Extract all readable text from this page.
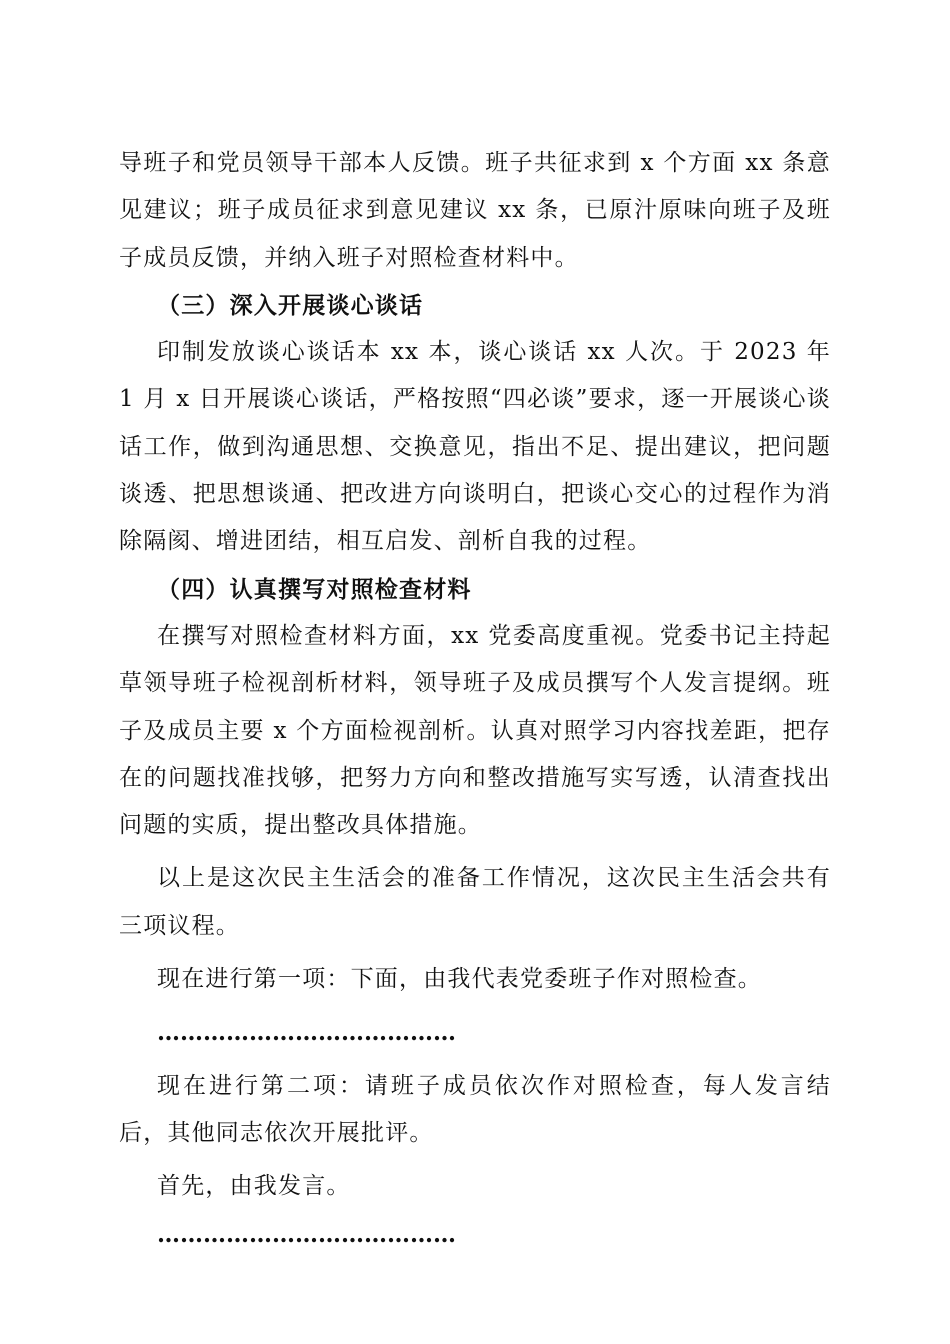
导班子和党员领导干部本人反馈。班子共征求到 x 个方面 xx 条意见建议；班子成员征求到意见建议 xx 条，已原汁原味向班子及班子成员反馈，并纳入班子对照检查材料中。

（三）深入开展谈心谈话

印制发放谈心谈话本 xx 本，谈心谈话 xx 人次。于 2023 年 1 月 x 日开展谈心谈话，严格按照“四必谈”要求，逐一开展谈心谈话工作，做到沟通思想、交换意见，指出不足、提出建议，把问题谈透、把思想谈通、把改进方向谈明白，把谈心交心的过程作为消除隔阂、增进团结，相互启发、剖析自我的过程。

（四）认真撰写对照检查材料

在撰写对照检查材料方面，xx 党委高度重视。党委书记主持起草领导班子检视剖析材料，领导班子及成员撰写个人发言提纲。班子及成员主要 x 个方面检视剖析。认真对照学习内容找差距，把存在的问题找准找够，把努力方向和整改措施写实写透，认清查找出问题的实质，提出整改具体措施。

以上是这次民主生活会的准备工作情况，这次民主生活会共有三项议程。

现在进行第一项：下面，由我代表党委班子作对照检查。

…………………………………

现在进行第二项：请班子成员依次作对照检查，每人发言结后，其他同志依次开展批评。

首先，由我发言。

…………………………………
